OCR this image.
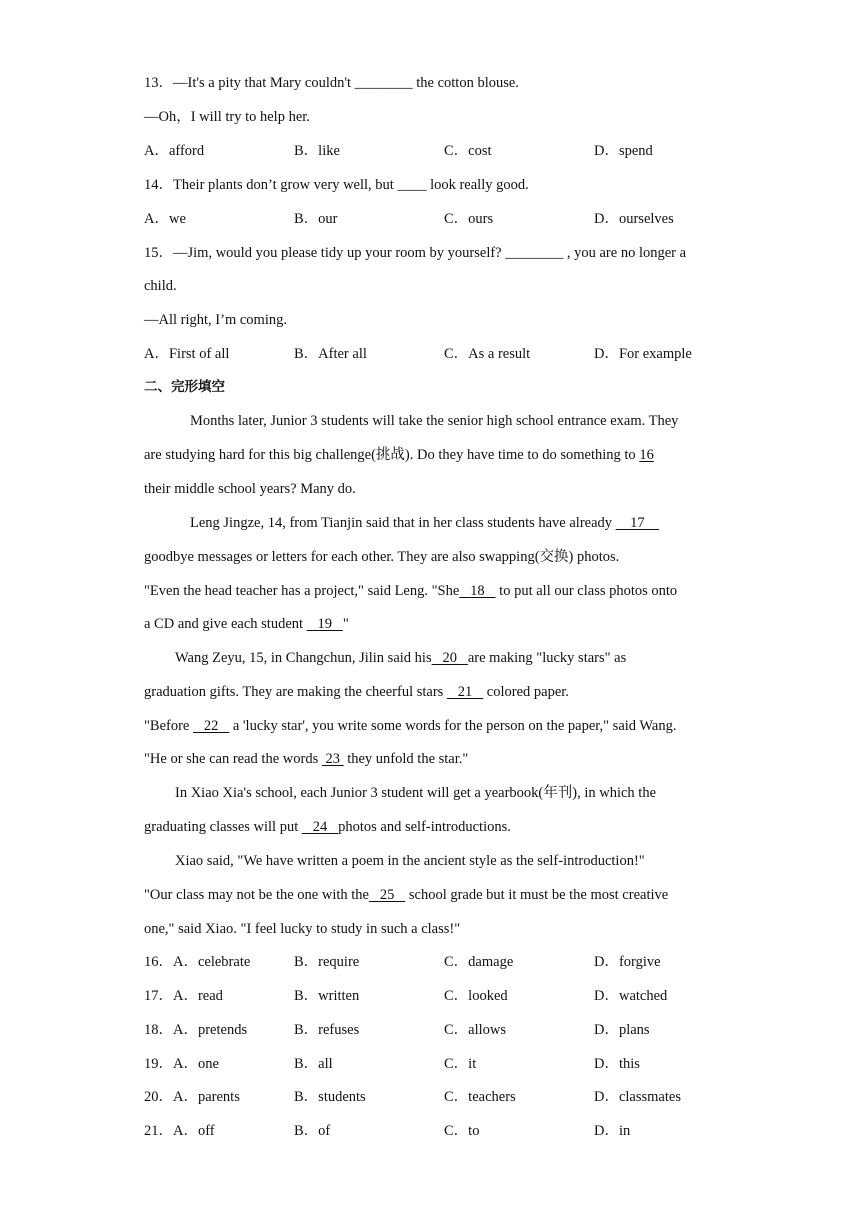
13．—It's a pity that Mary couldn't ________ the cotton blouse.
—Oh，I will try to help her.
A．afford	B．like	C．cost	D．spend
14．Their plants don’t grow very well, but ____ look really good.
A．we	B．our	C．ours	D．ourselves
15．—Jim, would you please tidy up your room by yourself? ________ , you are no longer a
child.
—All right, I’m coming.
A．First of all	B．After all	C．As a result	D．For example
二、完形填空
Months later, Junior 3 students will take the senior high school entrance exam. They
are studying hard for this big challenge(挑战). Do they have time to do something to 16
their middle school years? Many do.
Leng Jingze, 14, from Tianjin said that in her class students have already     17
goodbye messages or letters for each other. They are also swapping(交换) photos.
"Even the head teacher has a project," said Leng. "She   18    to put all our class photos onto
a CD and give each student    19   "
Wang Zeyu, 15, in Changchun, Jilin said his   20   are making "lucky stars" as
graduation gifts. They are making the cheerful stars    21    colored paper.
"Before    22    a 'lucky star', you write some words for the person on the paper," said Wang.
"He or she can read the words  23  they unfold the star."
In Xiao Xia's school, each Junior 3 student will get a yearbook(年刊), in which the
graduating classes will put    24   photos and self-introductions.
Xiao said, "We have written a poem in the ancient style as the self-introduction!"
"Our class may not be the one with the   25    school grade but it must be the most creative
one," said Xiao. "I feel lucky to study in such a class!"
16．A．celebrate	B．require	C．damage	D．forgive
17．A．read	B．written	C．looked	D．watched
18．A．pretends	B．refuses	C．allows	D．plans
19．A．one	B．all	C．it	D．this
20．A．parents	B．students	C．teachers	D．classmates
21．A．off	B．of	C．to	D．in
